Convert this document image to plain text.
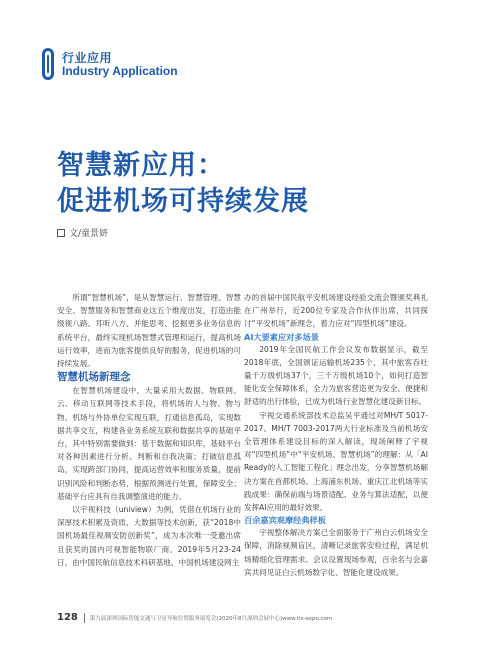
行业应用
Industry Application
智慧新应用：
促进机场可持续发展
文/童景妍

所谓“智慧机场”，是从智慧运行、智慧管理、智慧安全、智慧服务和智慧商业这五个维度出发，打造由能级视八路、耳听八方、并能思考、挖掘更多业务信息的系统平台，最终实现机场智慧式管理和运行，提高机场运行效率，进而为旅客提供良好的服务，促进机场的可持续发展。

智慧机场新理念

在智慧机场建设中，大量采用大数据、物联网、云、移动互联网等技术手段，将机场的人与物、物与物、机场与外协单位实现互联，打通信息孤岛，实现数据共享交互，构建各业务系统互联和数据共享的基础平台，其中特别需要做到：基于数据和知识库，基础平台对各种因素进行分析、判断和自我决策；打破信息孤岛，实现跨部门协同，提高运营效率和服务质量，提前识别风险和判断态势，根据预测进行处置，保障安全；基础平台应具有自我调整演进的能力。

以宇视科技（uniview）为例，凭借在机场行业的深厚技术积累及资质、大数据等技术创新，获“2018中国机场最佳视频安防创新奖”，成为本次唯一受邀出席且获奖的国内可视智能物联厂商。2019年5月23-24日，由中国民航信息技术科研基地、中国机场建设网主

办的首届中国民航平安机场建设经验交流会暨颁奖典礼在广州举行，近200位专家及合作伙伴出席，共同探讨“平安机场”新理念，着力应对“四型机场”建设。

AI大要素应对多场景

2019年全国民航工作会议发布数据显示，截至2018年底，全国颁证运输机场235个，其中旅客吞吐量千万级机场37个，三千万级机场10个，如何打造智能化安全保障体系，全力为旅客营造更为安全、便捷和舒适的出行体验，已成为机场行业智慧化建设新目标。

宇视交通系统部技术总监吴平通过对MH/T 5017-2017、MH/T 7003-2017两大行业标准及当前机场安全管理体系建设目标的深入解读，现场阐释了宇视对“四型机场”中“平安机场、智慧机场”的理解：从「AI Ready的人工智能工程化」理念出发，分享智慧机场解决方案在首都机场、上海浦东机场、重庆江北机场等实践成果：确保前端与场景适配、业务与算法适配，以便发挥AI应用的最好效果。

百余嘉宾观摩经典样板

宇视整体解决方案已全面服务于广州白云机场安全保障，消除视频盲区，清晰记录旅客安检过程，满足机场精细化管理需求。会议设置现场参观，百余名与会嘉宾共同见证白云机场数字化、智能化建设成果。

128 第九届深圳国际智能交通与卫星导航位置服务展览会(2020年8月深圳会展中心)www.its-expo.com
